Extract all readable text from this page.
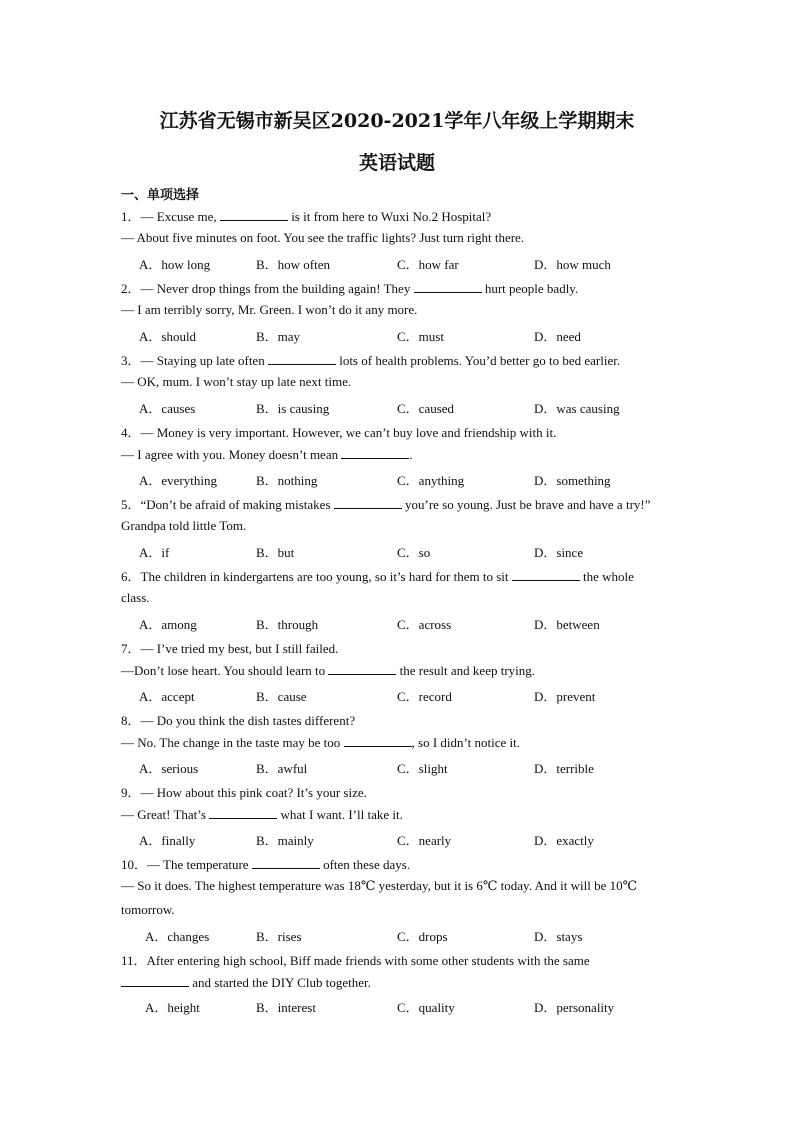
江苏省无锡市新吴区2020-2021学年八年级上学期期末
英语试题
一、单项选择
1．— Excuse me,	is it from here to Wuxi No.2 Hospital?
— About five minutes on foot. You see the traffic lights? Just turn right there.
2．— Never drop things from the building again! They	hurt people badly.
— I am terribly sorry, Mr. Green. I won’t do it any more.
3．— Staying up late often	lots of health problems. You’d better go to bed earlier.
— OK, mum. I won’t stay up late next time.
4．— Money is very important. However, we can’t buy love and friendship with it.
— I agree with you. Money doesn’t mean	.
5．“Don’t be afraid of making mistakes	you’re so young. Just be brave and have a try!”
Grandpa told little Tom.
6．The children in kindergartens are too young, so it’s hard for them to sit	the whole
class.
7．— I’ve tried my best, but I still failed.
—Don’t lose heart. You should learn to	the result and keep trying.
8．— Do you think the dish tastes different?
— No. The change in the taste may be too	, so I didn’t notice it.
9．— How about this pink coat? It’s your size.
— Great! That’s	what I want. I’ll take it.
10．— The temperature	often these days.
— So it does. The highest temperature was 18℃ yesterday, but it is 6℃ today. And it will be 10℃
tomorrow.
11．After entering high school, Biff made friends with some other students with the same
and started the DIY Club together.
A．how long	B．how often	C．how far	D．how much
A．should	B．may	C．must	D．need
A．causes	B．is causing	C．caused	D．was causing
A．everything	B．nothing	C．anything	D．something
A．if	B．but	C．so	D．since
A．among	B．through	C．across	D．between
A．accept	B．cause	C．record	D．prevent
A．serious	B．awful	C．slight	D．terrible
A．finally	B．mainly	C．nearly	D．exactly
A．changes	B．rises	C．drops	D．stays
A．height	B．interest	C．quality	D．personality
